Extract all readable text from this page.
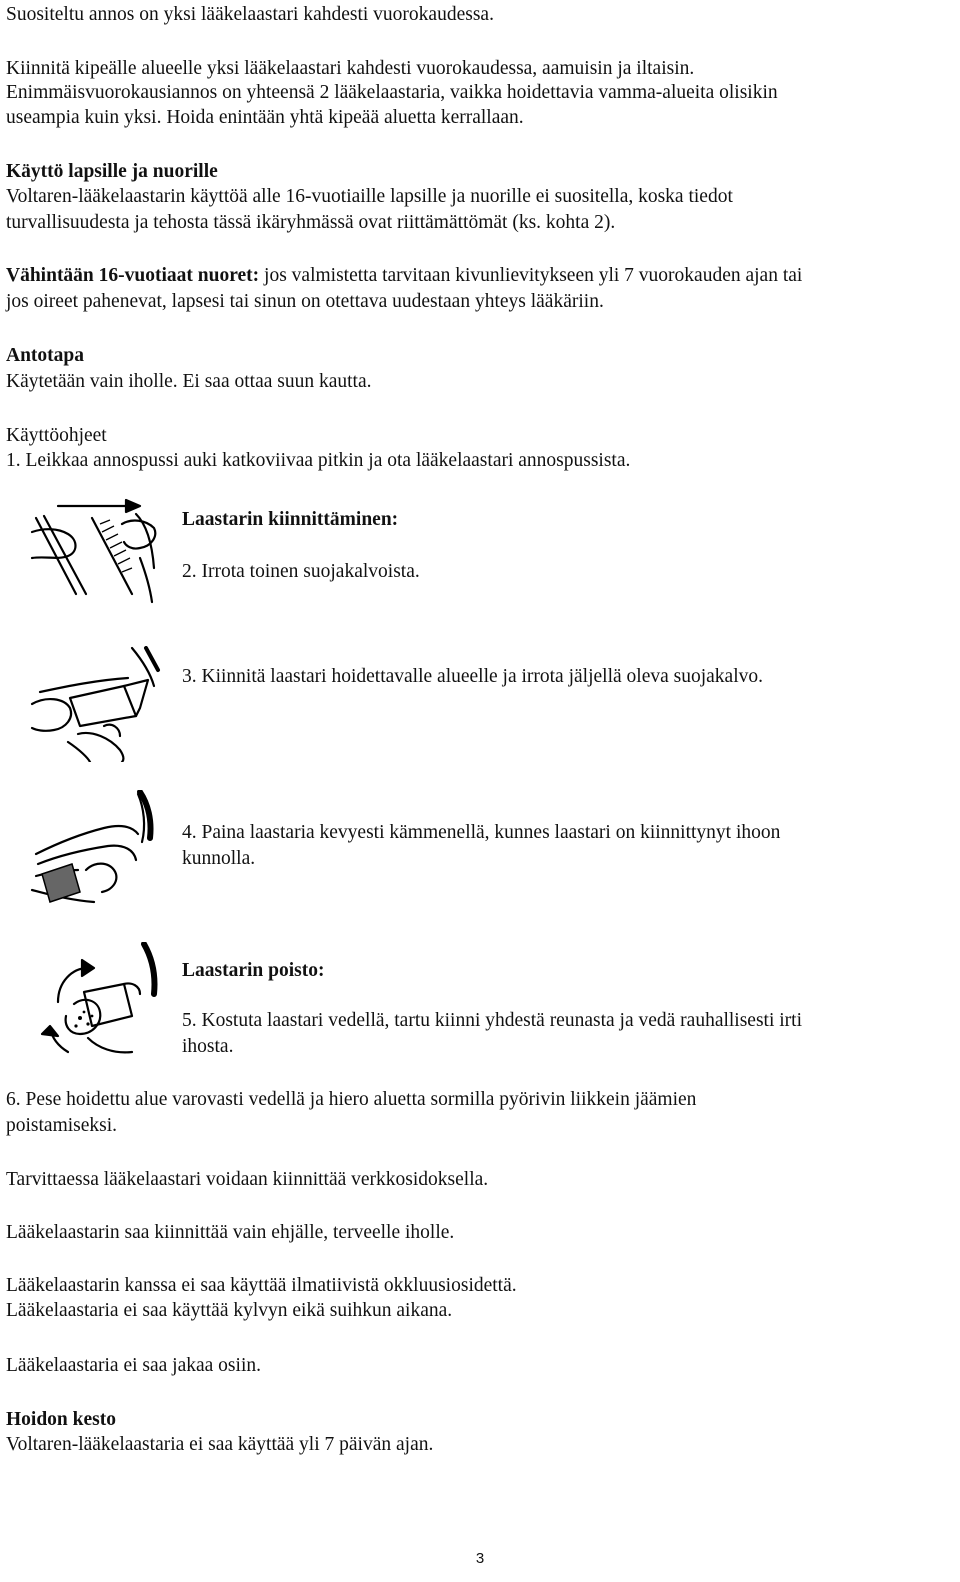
Suositeltu annos on yksi lääkelaastari kahdesti vuorokaudessa.

Kiinnitä kipeälle alueelle yksi lääkelaastari kahdesti vuorokaudessa, aamuisin ja iltaisin.

Enimmäisvuorokausiannos on yhteensä 2 lääkelaastaria, vaikka hoidettavia vamma-alueita olisikin

useampia kuin yksi. Hoida enintään yhtä kipeää aluetta kerrallaan.

Käyttö lapsille ja nuorille

Voltaren-lääkelaastarin käyttöä alle 16-vuotiaille lapsille ja nuorille ei suositella, koska tiedot

turvallisuudesta ja tehosta tässä ikäryhmässä ovat riittämättömät (ks. kohta 2).

Vähintään 16-vuotiaat nuoret: jos valmistetta tarvitaan kivunlievitykseen yli 7 vuorokauden ajan tai

jos oireet pahenevat, lapsesi tai sinun on otettava uudestaan yhteys lääkäriin.

Antotapa

Käytetään vain iholle. Ei saa ottaa suun kautta.

Käyttöohjeet

1. Leikkaa annospussi auki katkoviivaa pitkin ja ota lääkelaastari annospussista.

Laastarin kiinnittäminen:

2. Irrota toinen suojakalvoista.

3. Kiinnitä laastari hoidettavalle alueelle ja irrota jäljellä oleva suojakalvo.

4. Paina laastaria kevyesti kämmenellä, kunnes laastari on kiinnittynyt ihoon

kunnolla.

Laastarin poisto:

5. Kostuta laastari vedellä, tartu kiinni yhdestä reunasta ja vedä rauhallisesti irti

ihosta.

6. Pese hoidettu alue varovasti vedellä ja hiero aluetta sormilla pyörivin liikkein jäämien

poistamiseksi.

Tarvittaessa lääkelaastari voidaan kiinnittää verkkosidoksella.

Lääkelaastarin saa kiinnittää vain ehjälle, terveelle iholle.

Lääkelaastarin kanssa ei saa käyttää ilmatiivistä okkluusiosidettä.

Lääkelaastaria ei saa käyttää kylvyn eikä suihkun aikana.

Lääkelaastaria ei saa jakaa osiin.

Hoidon kesto

Voltaren-lääkelaastaria ei saa käyttää yli 7 päivän ajan.

3
